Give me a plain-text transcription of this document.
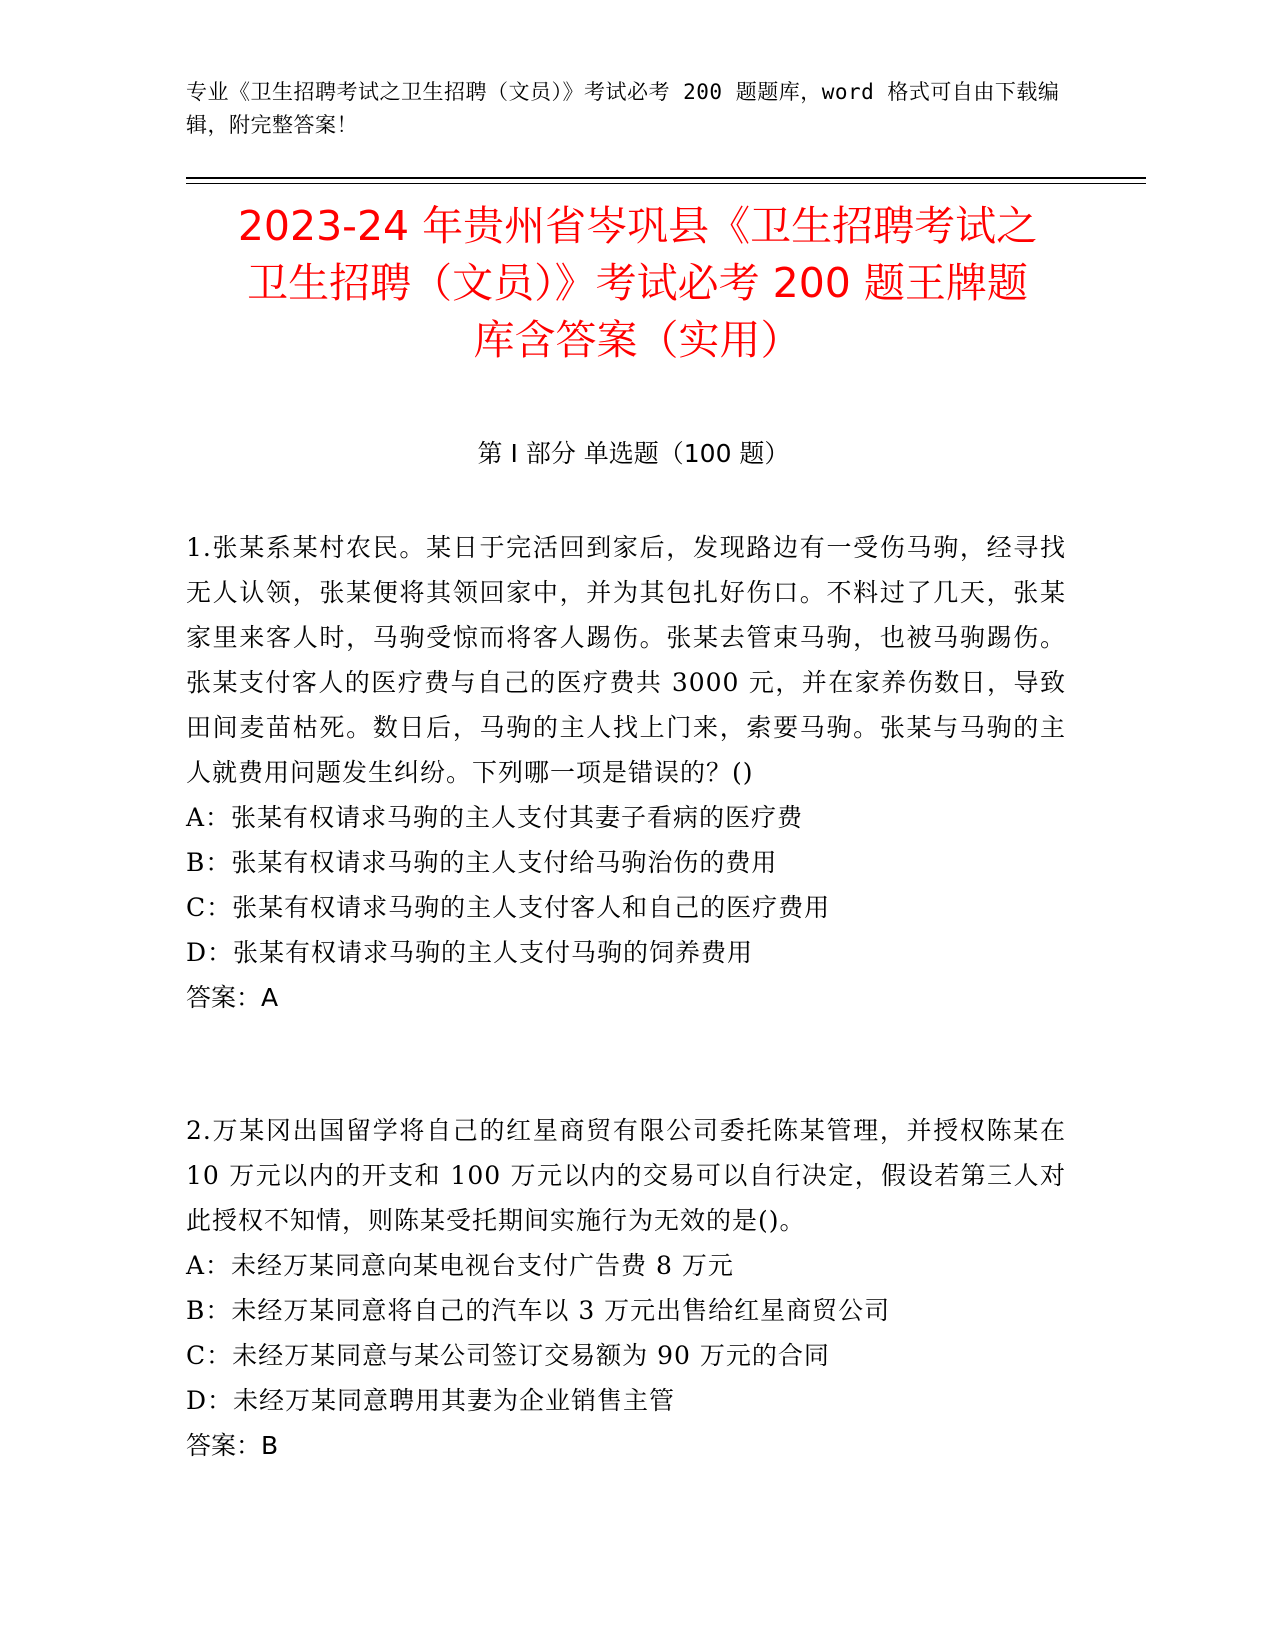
专业《卫生招聘考试之卫生招聘（文员）》考试必考 200 题题库，word 格式可自由下载编辑，附完整答案！
2023-24 年贵州省岑巩县《卫生招聘考试之
卫生招聘（文员）》考试必考 200 题王牌题
库含答案（实用）
第 I 部分 单选题（100 题）

1.张某系某村农民。某日于完活回到家后，发现路边有一受伤马驹，经寻找无人认领，张某便将其领回家中，并为其包扎好伤口。不料过了几天，张某家里来客人时，马驹受惊而将客人踢伤。张某去管束马驹，也被马驹踢伤。张某支付客人的医疗费与自己的医疗费共 3000 元，并在家养伤数日，导致田间麦苗枯死。数日后，马驹的主人找上门来，索要马驹。张某与马驹的主人就费用问题发生纠纷。下列哪一项是错误的？()

A：张某有权请求马驹的主人支付其妻子看病的医疗费

B：张某有权请求马驹的主人支付给马驹治伤的费用

C：张某有权请求马驹的主人支付客人和自己的医疗费用

D：张某有权请求马驹的主人支付马驹的饲养费用

答案：A

2.万某冈出国留学将自己的红星商贸有限公司委托陈某管理，并授权陈某在 10 万元以内的开支和 100 万元以内的交易可以自行决定，假设若第三人对此授权不知情，则陈某受托期间实施行为无效的是()。

A：未经万某同意向某电视台支付广告费 8 万元

B：未经万某同意将自己的汽车以 3 万元出售给红星商贸公司

C：未经万某同意与某公司签订交易额为 90 万元的合同

D：未经万某同意聘用其妻为企业销售主管

答案：B
